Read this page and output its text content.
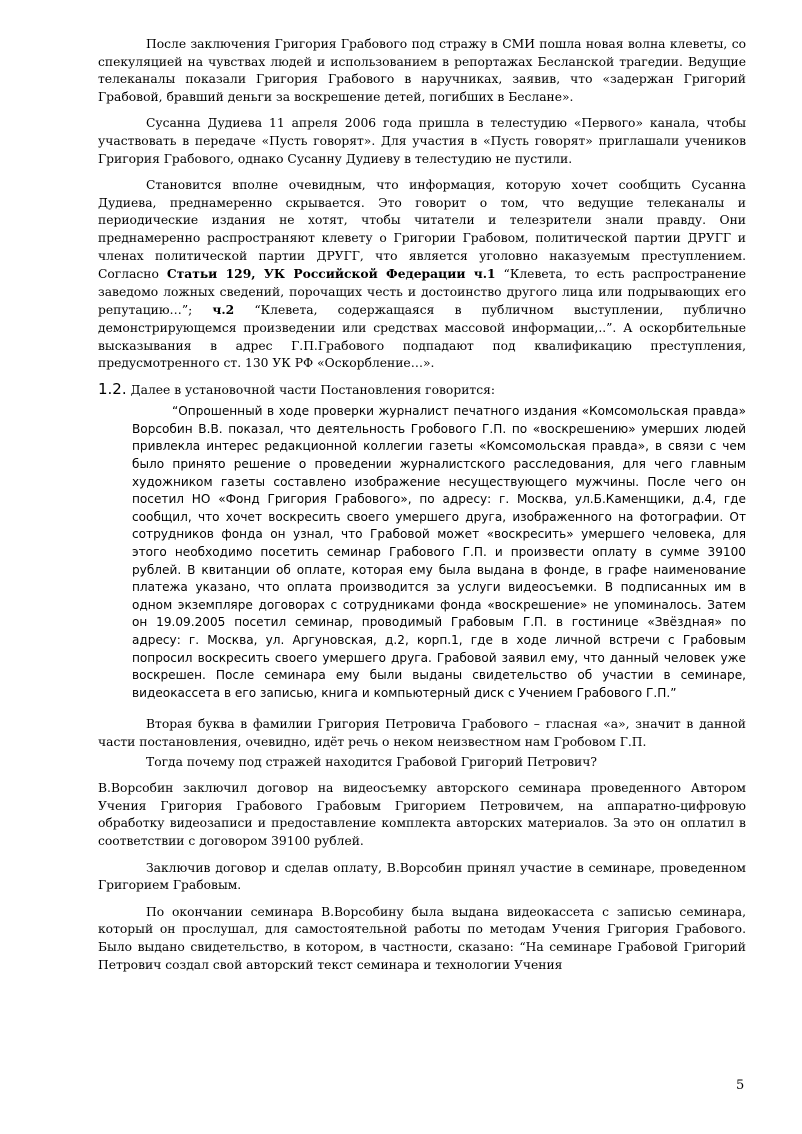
После заключения Григория Грабового под стражу в СМИ пошла новая волна клеветы, со спекуляцией на чувствах людей и использованием в репортажах Бесланской трагедии. Ведущие телеканалы показали Григория Грабового в наручниках, заявив, что «задержан Григорий Грабовой, бравший деньги за воскрешение детей, погибших в Беслане».

Сусанна Дудиева 11 апреля 2006 года пришла в телестудию «Первого» канала, чтобы участвовать в передаче «Пусть говорят». Для участия в «Пусть говорят» приглашали учеников Григория Грабового, однако Сусанну Дудиеву в телестудию не пустили.

Становится вполне очевидным, что информация, которую хочет сообщить Сусанна Дудиева, преднамеренно скрывается. Это говорит о том, что ведущие телеканалы и периодические издания не хотят, чтобы читатели и телезрители знали правду. Они преднамеренно распространяют клевету о Григории Грабовом, политической партии ДРУГГ и членах политической партии ДРУГГ, что является уголовно наказуемым преступлением. Согласно Статьи 129, УК Российской Федерации ч.1 “Клевета, то есть распространение заведомо ложных сведений, порочащих честь и достоинство другого лица или подрывающих его репутацию…”; ч.2 “Клевета, содержащаяся в публичном выступлении, публично демонстрирующемся произведении или средствах массовой информации,..”. А оскорбительные высказывания в адрес Г.П.Грабового подпадают под квалификацию преступления, предусмотренного ст. 130 УК РФ «Оскорбление…».

1.2. Далее в установочной части Постановления говорится:

“Опрошенный в ходе проверки журналист печатного издания «Комсомольская правда» Ворсобин В.В. показал, что деятельность Гробового Г.П. по «воскрешению» умерших людей привлекла интерес редакционной коллегии газеты «Комсомольская правда», в связи с чем было принято решение о проведении журналистского расследования, для чего главным художником газеты составлено изображение несуществующего мужчины. После чего он посетил НО «Фонд Григория Грабового», по адресу: г. Москва, ул.Б.Каменщики, д.4, где сообщил, что хочет воскресить своего умершего друга, изображенного на фотографии. От сотрудников фонда он узнал, что Грабовой может «воскресить» умершего человека, для этого необходимо посетить семинар Грабового Г.П. и произвести оплату в сумме 39100 рублей. В квитанции об оплате, которая ему была выдана в фонде, в графе наименование платежа указано, что оплата производится за услуги видеосъемки. В подписанных им в одном экземпляре договорах с сотрудниками фонда «воскрешение» не упоминалось. Затем он 19.09.2005 посетил семинар, проводимый Грабовым Г.П. в гостинице «Звёздная» по адресу: г. Москва, ул. Аргуновская, д.2, корп.1, где в ходе личной встречи с Грабовым попросил воскресить своего умершего друга. Грабовой заявил ему, что данный человек уже воскрешен. После семинара ему были выданы свидетельство об участии в семинаре, видеокассета в его записью, книга и компьютерный диск с Учением Грабового Г.П.”

Вторая буква в фамилии Григория Петровича Грабового – гласная «а», значит в данной части постановления, очевидно, идёт речь о неком неизвестном нам Гробовом Г.П.

Тогда почему под стражей находится Грабовой Григорий Петрович?

В.Ворсобин заключил договор на видеосъемку авторского семинара проведенного Автором Учения Григория Грабового Грабовым Григорием Петровичем, на аппаратно-цифровую обработку видеозаписи и предоставление комплекта авторских материалов. За это он оплатил в соответствии с договором 39100 рублей.

Заключив договор и сделав оплату, В.Ворсобин принял участие в семинаре, проведенном Григорием Грабовым.

По окончании семинара В.Ворсобину была выдана видеокассета с записью семинара, который он прослушал, для самостоятельной работы по методам Учения Григория Грабового. Было выдано свидетельство, в котором, в частности, сказано: “На семинаре Грабовой Григорий Петрович создал свой авторский текст семинара и технологии Учения

5
